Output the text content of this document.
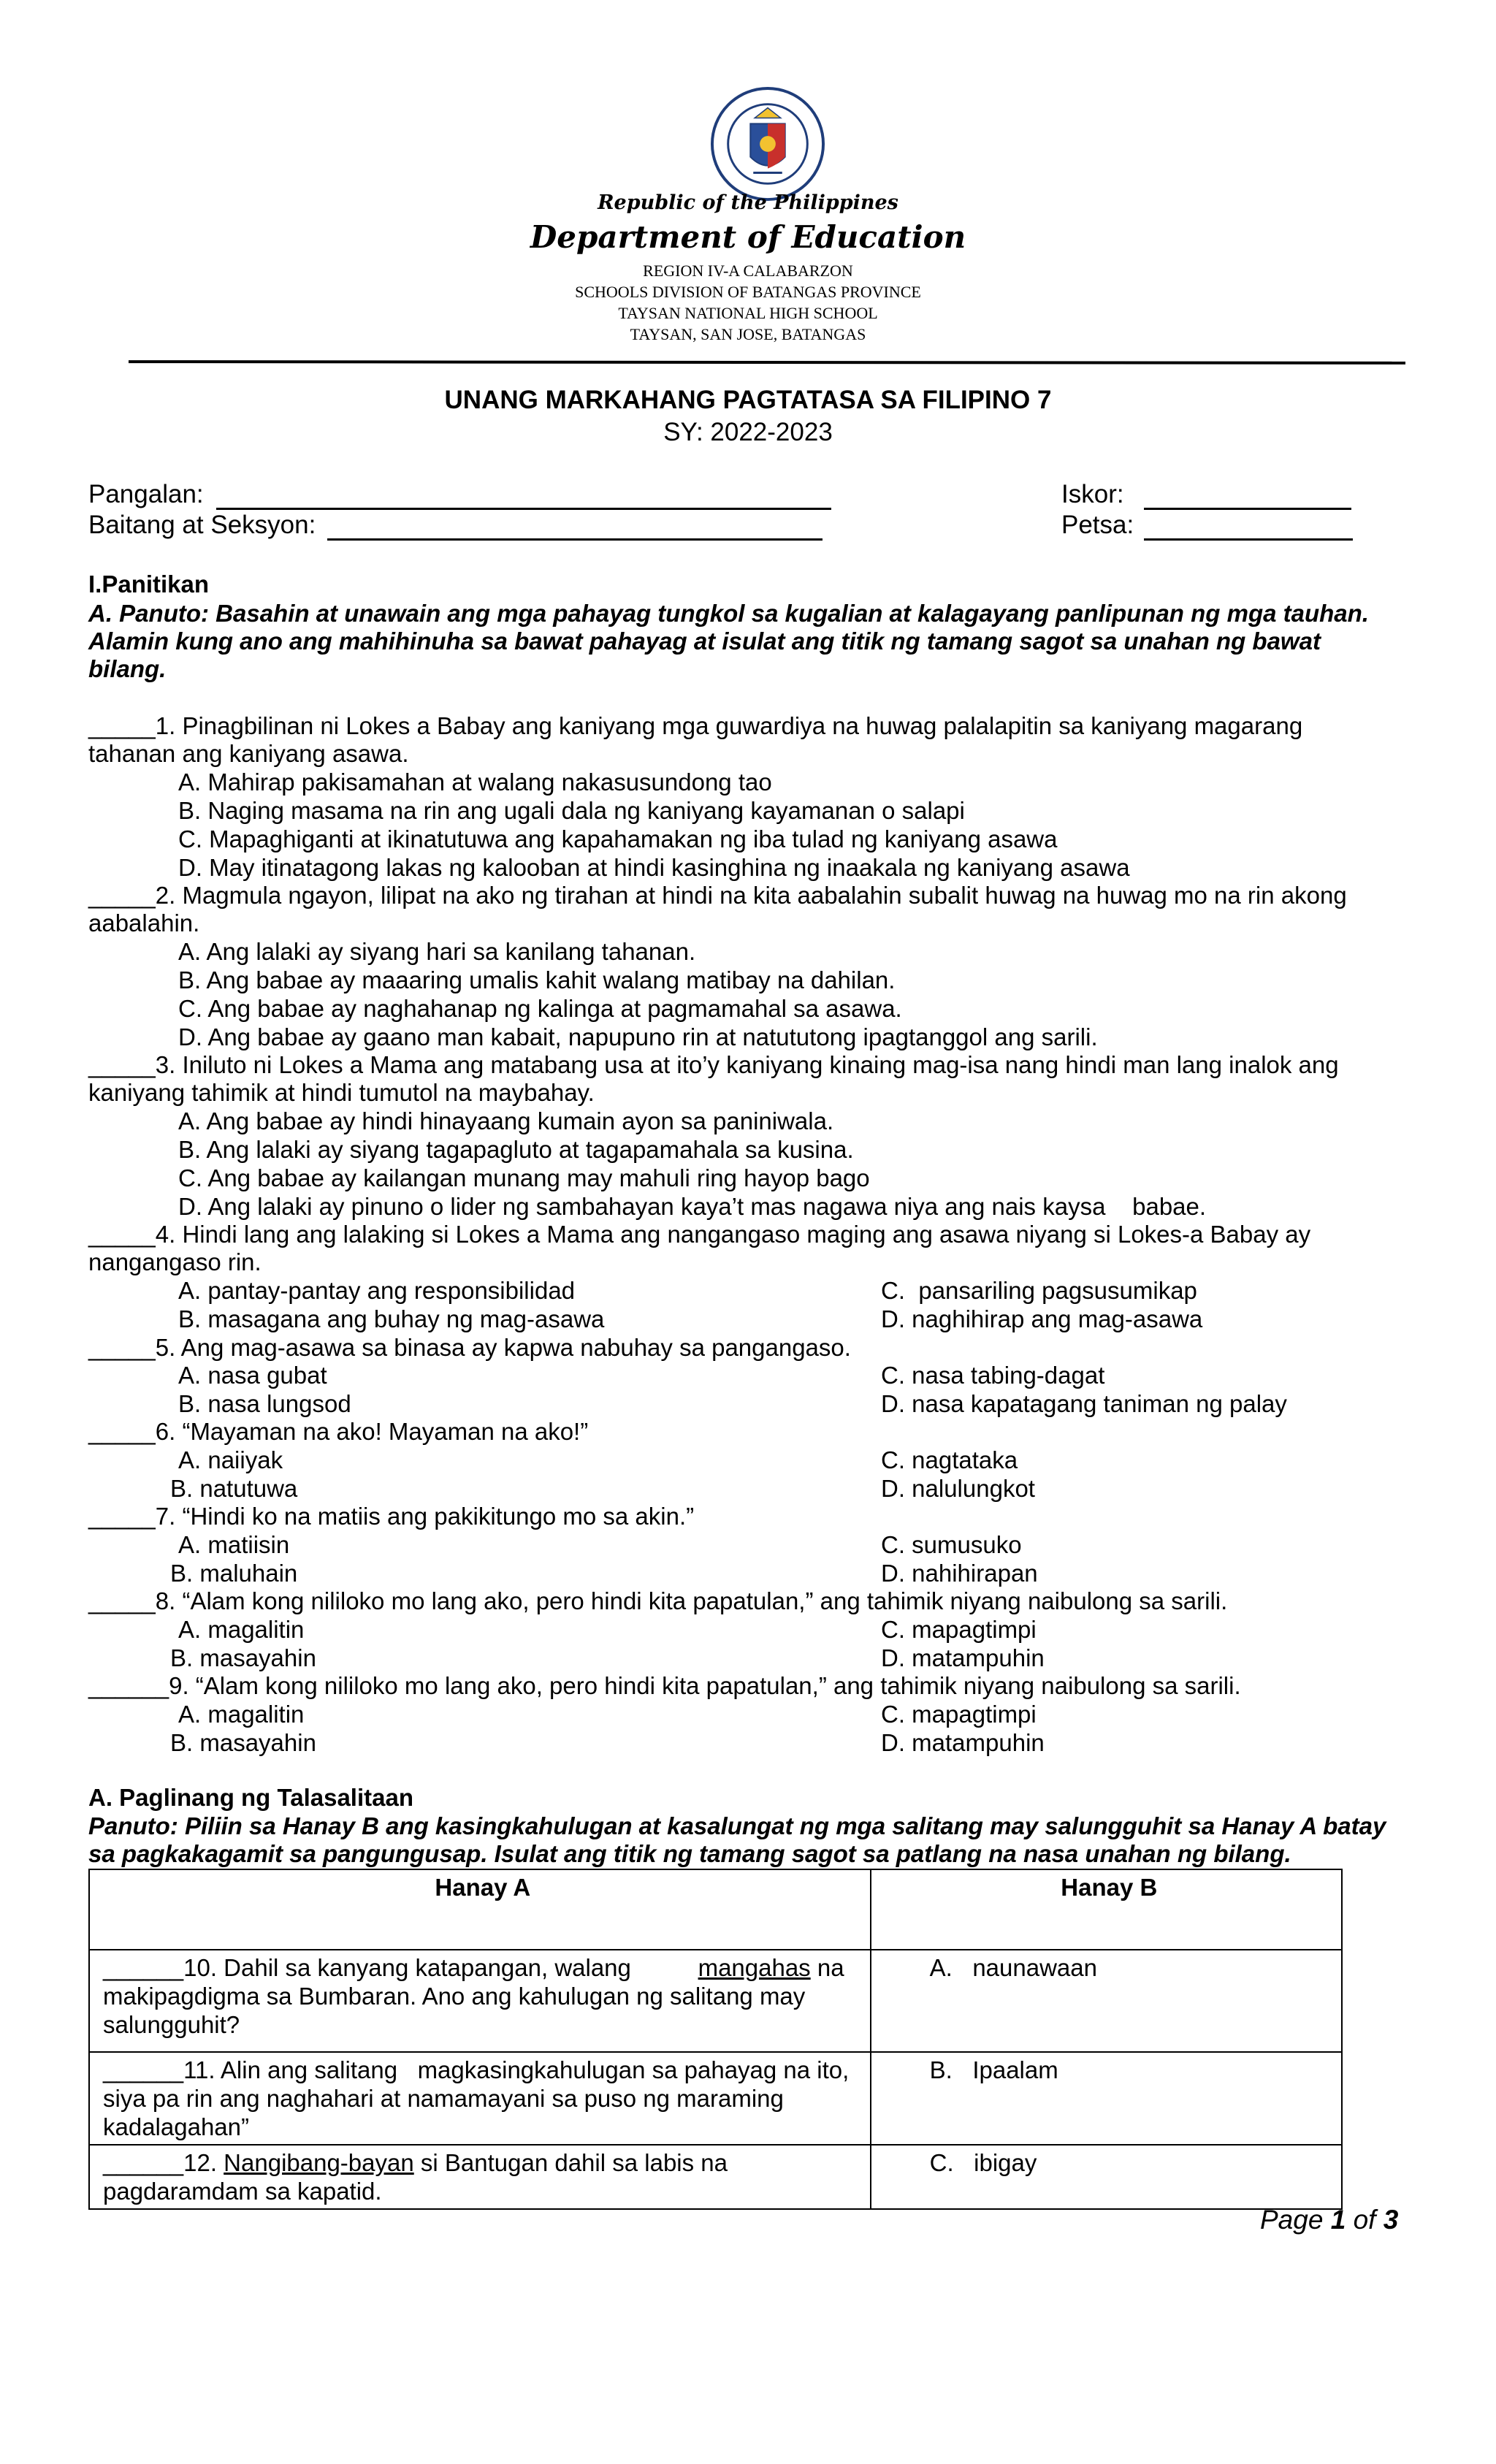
Republic of the Philippines
Department of Education
REGION IV-A CALABARZON
SCHOOLS DIVISION OF BATANGAS PROVINCE
TAYSAN NATIONAL HIGH SCHOOL
TAYSAN, SAN JOSE, BATANGAS
UNANG MARKAHANG PAGTATASA SA FILIPINO 7
SY: 2022-2023
Pangalan:	Iskor:
Baitang at Seksyon:	Petsa:
I.Panitikan
A. Panuto: Basahin at unawain ang mga pahayag tungkol sa kugalian at kalagayang panlipunan ng mga tauhan.
Alamin kung ano ang mahihinuha sa bawat pahayag at isulat ang titik ng tamang sagot sa unahan ng bawat
bilang.
_____1. Pinagbilinan ni Lokes a Babay ang kaniyang mga guwardiya na huwag palalapitin sa kaniyang magarang
tahanan ang kaniyang asawa.
A. Mahirap pakisamahan at walang nakasusundong tao
B. Naging masama na rin ang ugali dala ng kaniyang kayamanan o salapi
C. Mapaghiganti at ikinatutuwa ang kapahamakan ng iba tulad ng kaniyang asawa
D. May itinatagong lakas ng kalooban at hindi kasinghina ng inaakala ng kaniyang asawa
_____2. Magmula ngayon, lilipat na ako ng tirahan at hindi na kita aabalahin subalit huwag na huwag mo na rin akong
aabalahin.
A. Ang lalaki ay siyang hari sa kanilang tahanan.
B. Ang babae ay maaaring umalis kahit walang matibay na dahilan.
C. Ang babae ay naghahanap ng kalinga at pagmamahal sa asawa.
D. Ang babae ay gaano man kabait, napupuno rin at natututong ipagtanggol ang sarili.
_____3. Iniluto ni Lokes a Mama ang matabang usa at ito’y kaniyang kinaing mag-isa nang hindi man lang inalok ang
kaniyang tahimik at hindi tumutol na maybahay.
A. Ang babae ay hindi hinayaang kumain ayon sa paniniwala.
B. Ang lalaki ay siyang tagapagluto at tagapamahala sa kusina.
C. Ang babae ay kailangan munang may mahuli ring hayop bago
D. Ang lalaki ay pinuno o lider ng sambahayan kaya’t mas nagawa niya ang nais kaysa    babae.
_____4. Hindi lang ang lalaking si Lokes a Mama ang nangangaso maging ang asawa niyang si Lokes-a Babay ay
nangangaso rin.
A. pantay-pantay ang responsibilidad
B. masagana ang buhay ng mag-asawa
C.  pansariling pagsusumikap
D. naghihirap ang mag-asawa
_____5. Ang mag-asawa sa binasa ay kapwa nabuhay sa pangangaso.
A. nasa gubat
B. nasa lungsod
C. nasa tabing-dagat
D. nasa kapatagang taniman ng palay
_____6. “Mayaman na ako! Mayaman na ako!”
A. naiiyak
B. natutuwa
C. nagtataka
D. nalulungkot
_____7. “Hindi ko na matiis ang pakikitungo mo sa akin.”
A. matiisin
B. maluhain
C. sumusuko
D. nahihirapan
_____8. “Alam kong nililoko mo lang ako, pero hindi kita papatulan,” ang tahimik niyang naibulong sa sarili.
A. magalitin
B. masayahin
C. mapagtimpi
D. matampuhin
______9. “Alam kong nililoko mo lang ako, pero hindi kita papatulan,” ang tahimik niyang naibulong sa sarili.
A. magalitin
B. masayahin
C. mapagtimpi
D. matampuhin
A. Paglinang ng Talasalitaan
Panuto: Piliin sa Hanay B ang kasingkahulugan at kasalungat ng mga salitang may salungguhit sa Hanay A batay
sa pagkakagamit sa pangungusap. Isulat ang titik ng tamang sagot sa patlang na nasa unahan ng bilang.
Hanay A	Hanay B
______10. Dahil sa kanyang katapangan, walang          mangahas na makipagdigma sa Bumbaran. Ano ang kahulugan ng salitang may salungguhit?	A.   naunawaan
______11. Alin ang salitang   magkasingkahulugan sa pahayag na ito, siya pa rin ang naghahari at namamayani sa puso ng maraming kadalagahan”	B.   Ipaalam
______12. Nangibang-bayan si Bantugan dahil sa labis na pagdaramdam sa kapatid.	C.   ibigay
Page 1 of 3
